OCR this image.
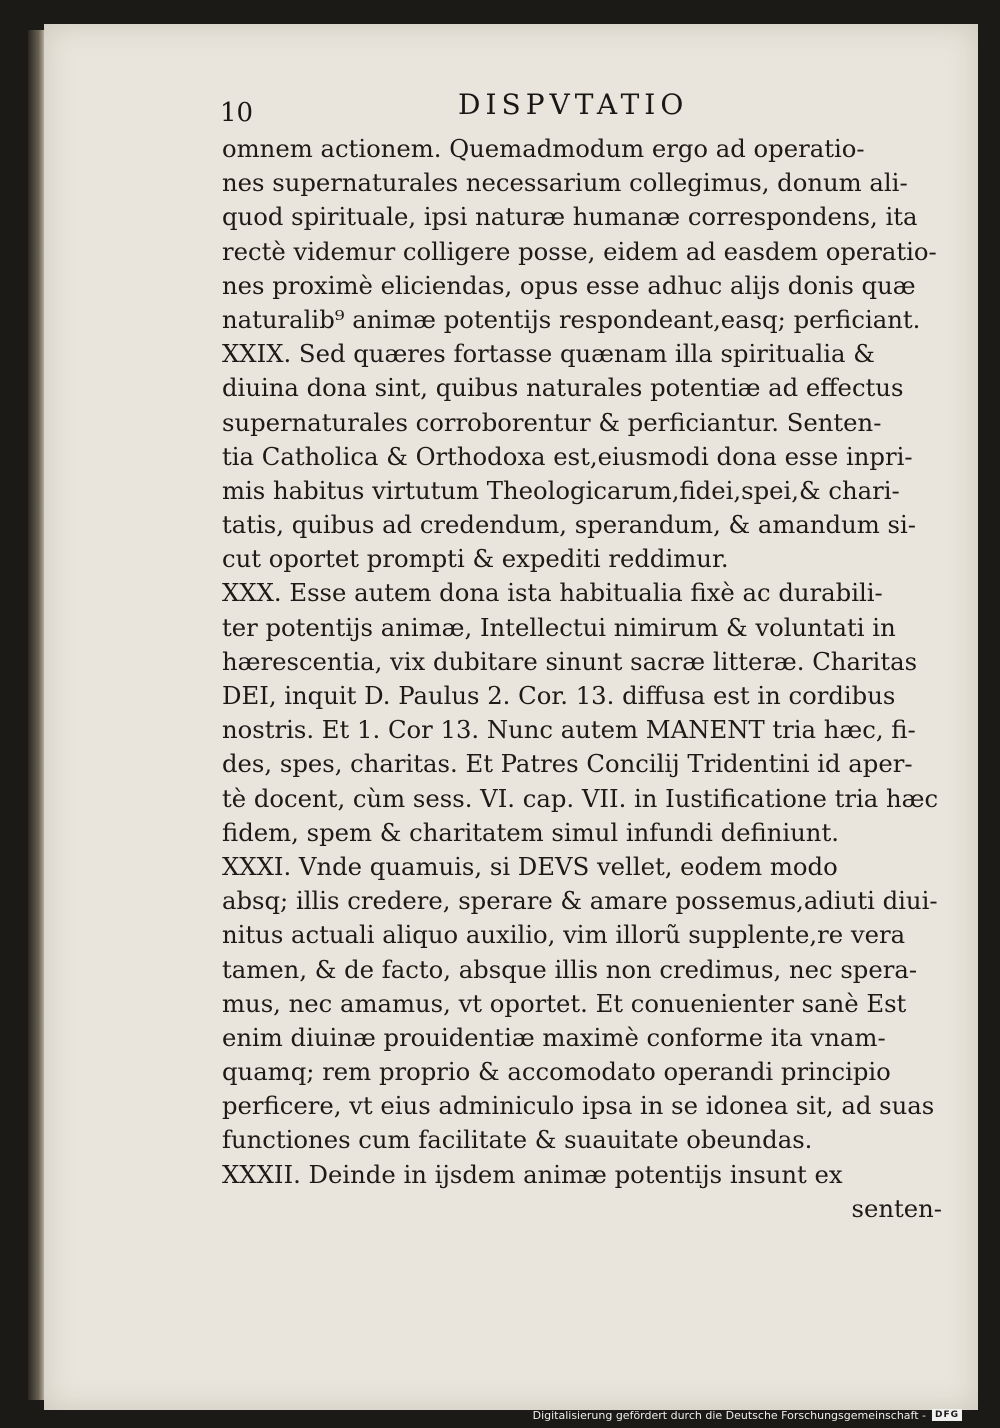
10	DISPVTATIO
omnem actionem. Quemadmodum ergo ad operatio-
nes supernaturales necessarium collegimus, donum ali-
quod spirituale, ipsi naturæ humanæ correspondens, ita
rectè videmur colligere posse, eidem ad easdem operatio-
nes proximè eliciendas, opus esse adhuc alijs donis quæ
naturalib⁹ animæ potentijs respondeant,easq; perficiant.
XXIX. Sed quæres fortasse quænam illa spiritualia &
diuina dona sint, quibus naturales potentiæ ad effectus
supernaturales corroborentur & perficiantur. Senten-
tia Catholica & Orthodoxa est,eiusmodi dona esse inpri-
mis habitus virtutum Theologicarum,fidei,spei,& chari-
tatis, quibus ad credendum, sperandum, & amandum si-
cut oportet prompti & expediti reddimur.
XXX. Esse autem dona ista habitualia fixè ac durabili-
ter potentijs animæ, Intellectui nimirum & voluntati in
hærescentia, vix dubitare sinunt sacræ litteræ. Charitas
DEI, inquit D. Paulus 2. Cor. 13. diffusa est in cordibus
nostris. Et 1. Cor 13. Nunc autem MANENT tria hæc, fi-
des, spes, charitas. Et Patres Concilij Tridentini id aper-
tè docent, cùm sess. VI. cap. VII. in Iustificatione tria hæc
fidem, spem & charitatem simul infundi definiunt.
XXXI. Vnde quamuis, si DEVS vellet, eodem modo
absq; illis credere, sperare & amare possemus,adiuti diui-
nitus actuali aliquo auxilio, vim illorũ supplente,re vera
tamen, & de facto, absque illis non credimus, nec spera-
mus, nec amamus, vt oportet. Et conuenienter sanè Est
enim diuinæ prouidentiæ maximè conforme ita vnam-
quamq; rem proprio & accomodato operandi principio
perficere, vt eius adminiculo ipsa in se idonea sit, ad suas
functiones cum facilitate & suauitate obeundas.
XXXII. Deinde in ijsdem animæ potentijs insunt ex
senten-
Digitalisierung gefördert durch die Deutsche Forschungsgemeinschaft -	DFG
